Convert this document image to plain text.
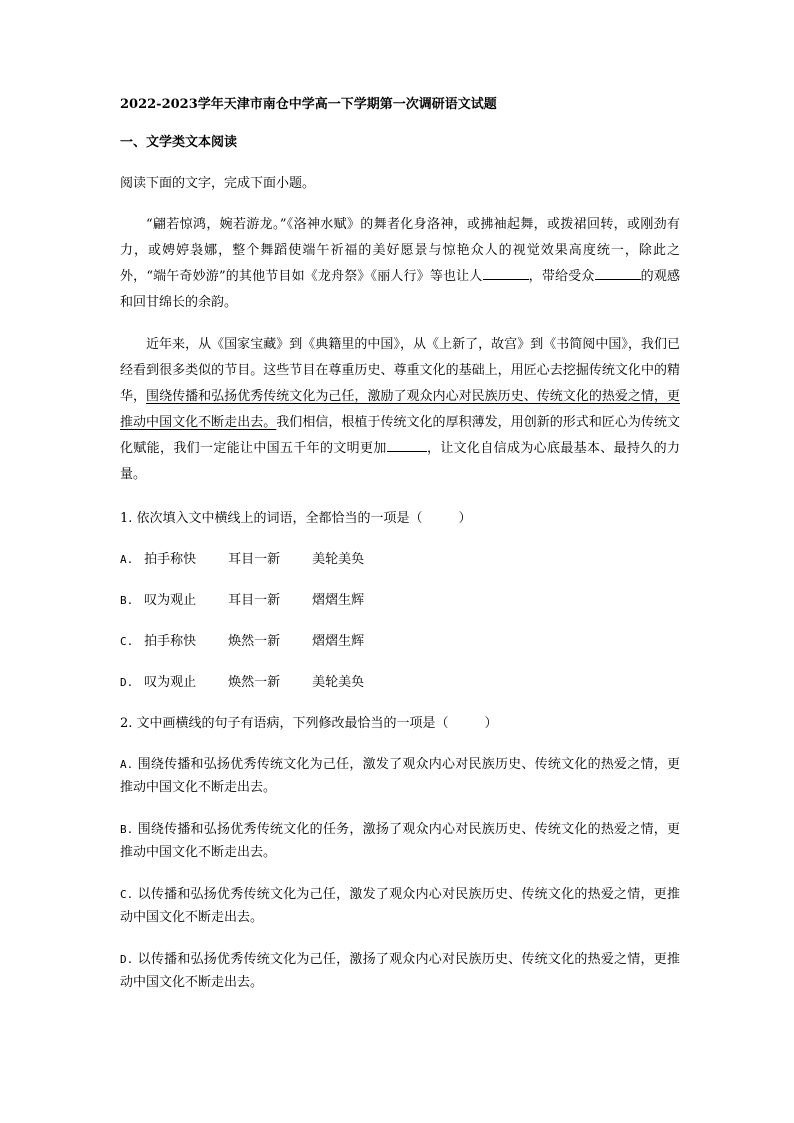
2022-2023学年天津市南仓中学高一下学期第一次调研语文试题
一、文学类文本阅读
阅读下面的文字，完成下面小题。
“翩若惊鸿，婉若游龙。”《洛神水赋》的舞者化身洛神，或拂袖起舞，或拨裙回转，或刚劲有力，或娉婷袅娜，整个舞蹈使端午祈福的美好愿景与惊艳众人的视觉效果高度统一，除此之外，“端午奇妙游”的其他节目如《龙舟祭》《丽人行》等也让人	，带给受众	的观感和回甘绵长的余韵。
近年来，从《国家宝藏》到《典籍里的中国》，从《上新了，故宫》到《书简阅中国》，我们已经看到很多类似的节目。这些节目在尊重历史、尊重文化的基础上，用匠心去挖掘传统文化中的精华，围绕传播和弘扬优秀传统文化为己任，激励了观众内心对民族历史、传统文化的热爱之情，更推动中国文化不断走出去。我们相信，根植于传统文化的厚积薄发，用创新的形式和匠心为传统文化赋能，我们一定能让中国五千年的文明更加	，让文化自信成为心底最基本、最持久的力量。
1. 依次填入文中横线上的词语，全都恰当的一项是（	）
A. 拍手称快 耳目一新 美轮美奂
B. 叹为观止 耳目一新 熠熠生辉
C. 拍手称快 焕然一新 熠熠生辉
D. 叹为观止 焕然一新 美轮美奂
2. 文中画横线的句子有语病，下列修改最恰当的一项是（	）
A. 围绕传播和弘扬优秀传统文化为己任，激发了观众内心对民族历史、传统文化的热爱之情，更推动中国文化不断走出去。
B. 围绕传播和弘扬优秀传统文化的任务，激扬了观众内心对民族历史、传统文化的热爱之情，更推动中国文化不断走出去。
C. 以传播和弘扬优秀传统文化为己任，激发了观众内心对民族历史、传统文化的热爱之情，更推动中国文化不断走出去。
D. 以传播和弘扬优秀传统文化为己任，激扬了观众内心对民族历史、传统文化的热爱之情，更推动中国文化不断走出去。
